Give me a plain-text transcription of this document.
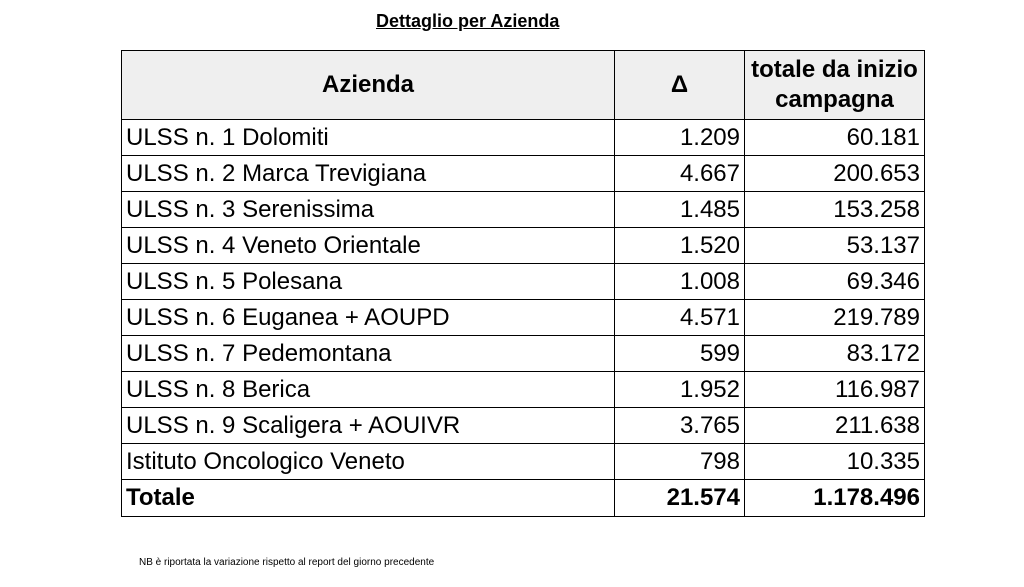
Dettaglio per Azienda
Azienda	Δ	totale da inizio campagna
ULSS n. 1 Dolomiti	1.209	60.181
ULSS n. 2 Marca Trevigiana	4.667	200.653
ULSS n. 3 Serenissima	1.485	153.258
ULSS n. 4 Veneto Orientale	1.520	53.137
ULSS n. 5 Polesana	1.008	69.346
ULSS n. 6 Euganea + AOUPD	4.571	219.789
ULSS n. 7 Pedemontana	599	83.172
ULSS n. 8 Berica	1.952	116.987
ULSS n. 9 Scaligera + AOUIVR	3.765	211.638
Istituto Oncologico Veneto	798	10.335
Totale	21.574	1.178.496
NB è riportata la variazione rispetto al report del giorno precedente
